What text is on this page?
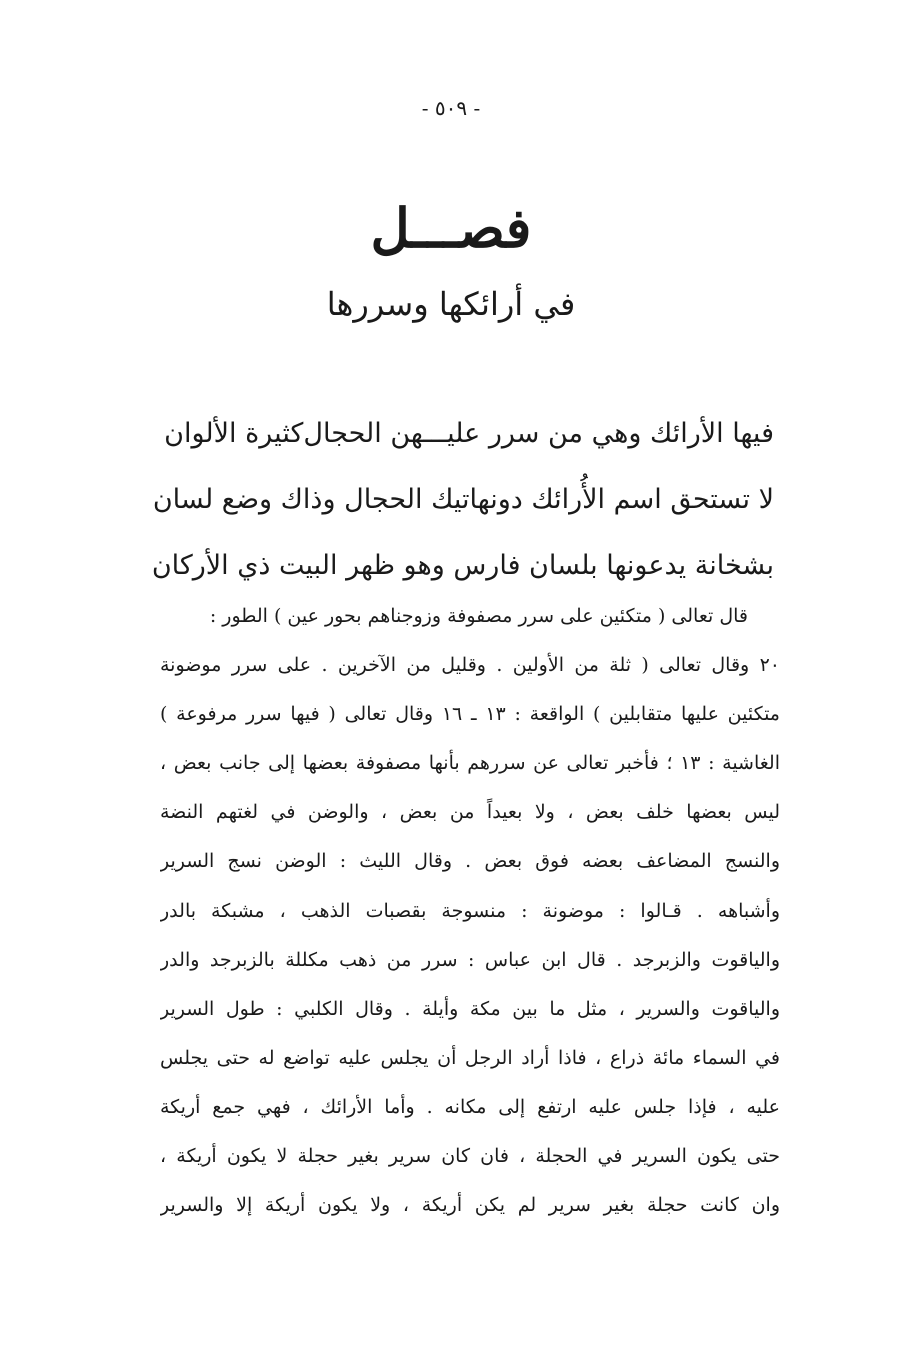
- ٥٠٩ -
فصـــل
في أرائكها وسررها
فيها الأرائك وهي من سرر عليـــهن الحجال
كثيرة الألوان
لا تستحق اسم الأُرائك دونها
تيك الحجال وذاك وضع لسان
بشخانة يدعونها بلسان فا
رس وهو ظهر البيت ذي الأركان
قال تعالى ( متكئين على سرر مصفوفة وزوجناهم بحور عين ) الطور :
٢٠ وقال تعالى ( ثلة من الأولين . وقليل من الآخرين . على سرر موضونة
متكئين عليها متقابلين ) الواقعة : ١٣ ـ ١٦ وقال تعالى ( فيها سرر مرفوعة )
الغاشية : ١٣ ؛ فأخبر تعالى عن سررهم بأنها مصفوفة بعضها إلى جانب بعض ،
ليس بعضها خلف بعض ، ولا بعيداً من بعض ، والوضن في لغتهم النضة
والنسج المضاعف بعضه فوق بعض . وقال الليث : الوضن نسج السرير
وأشباهه . قـالوا : موضونة : منسوجة بقصبات الذهب ، مشبكة بالدر
والياقوت والزبرجد . قال ابن عباس : سرر من ذهب مكللة بالزبرجد والدر
والياقوت والسرير ، مثل ما بين مكة وأيلة . وقال الكلبي : طول السرير
في السماء مائة ذراع ، فاذا أراد الرجل أن يجلس عليه تواضع له حتى يجلس
عليه ، فإذا جلس عليه ارتفع إلى مكانه . وأما الأرائك ، فهي جمع أريكة
حتى يكون السرير في الحجلة ، فان كان سرير بغير حجلة لا يكون أريكة ،
وان كانت حجلة بغير سرير لم يكن أريكة ، ولا يكون أريكة إلا والسرير
